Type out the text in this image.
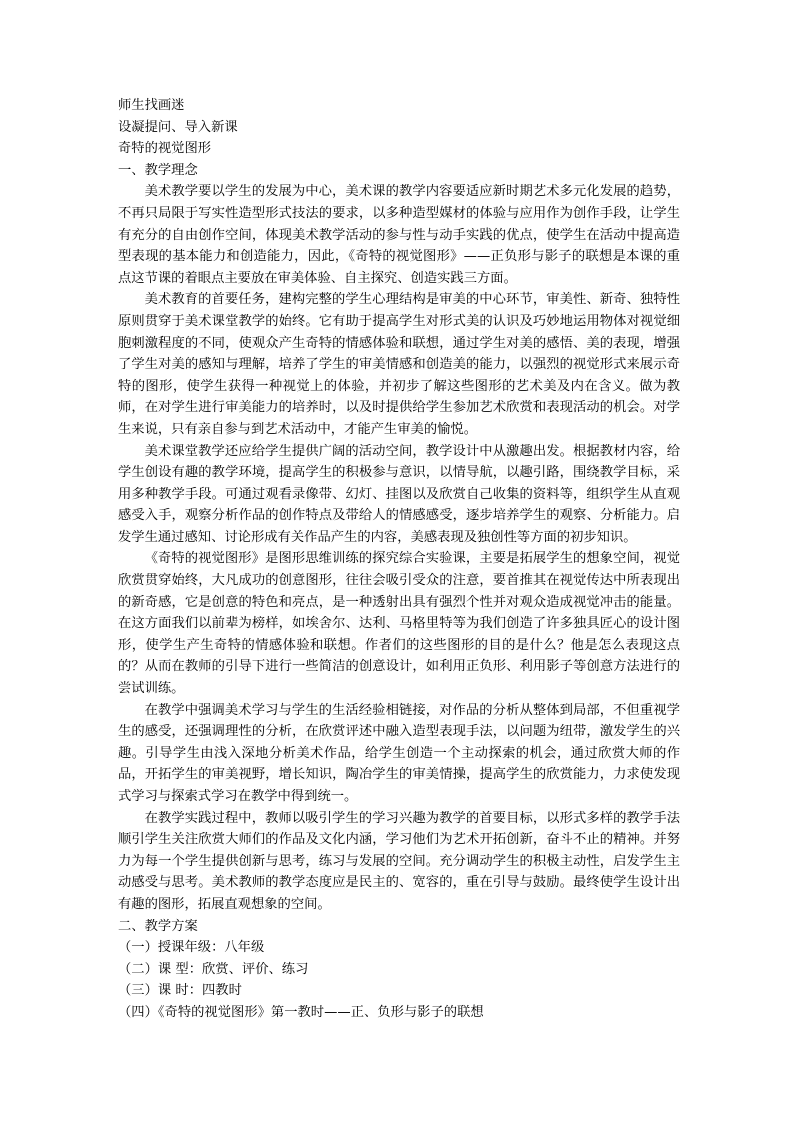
师生找画迷

设凝提问、导入新课

奇特的视觉图形

一、教学理念

美术教学要以学生的发展为中心，美术课的教学内容要适应新时期艺术多元化发展的趋势，不再只局限于写实性造型形式技法的要求，以多种造型媒材的体验与应用作为创作手段，让学生有充分的自由创作空间，体现美术教学活动的参与性与动手实践的优点，使学生在活动中提高造型表现的基本能力和创造能力，因此，《奇特的视觉图形》——正负形与影子的联想是本课的重点这节课的着眼点主要放在审美体验、自主探究、创造实践三方面。

美术教育的首要任务，建构完整的学生心理结构是审美的中心环节，审美性、新奇、独特性原则贯穿于美术课堂教学的始终。它有助于提高学生对形式美的认识及巧妙地运用物体对视觉细胞刺激程度的不同，使观众产生奇特的情感体验和联想，通过学生对美的感悟、美的表现，增强了学生对美的感知与理解，培养了学生的审美情感和创造美的能力，以强烈的视觉形式来展示奇特的图形，使学生获得一种视觉上的体验，并初步了解这些图形的艺术美及内在含义。做为教师，在对学生进行审美能力的培养时，以及时提供给学生参加艺术欣赏和表现活动的机会。对学生来说，只有亲自参与到艺术活动中，才能产生审美的愉悦。

美术课堂教学还应给学生提供广阔的活动空间，教学设计中从激趣出发。根据教材内容，给学生创设有趣的教学环境，提高学生的积极参与意识，以情导航，以趣引路，围绕教学目标，采用多种教学手段。可通过观看录像带、幻灯、挂图以及欣赏自己收集的资料等，组织学生从直观感受入手，观察分析作品的创作特点及带给人的情感感受，逐步培养学生的观察、分析能力。启发学生通过感知、讨论形成有关作品产生的内容，美感表现及独创性等方面的初步知识。

《奇特的视觉图形》是图形思维训练的探究综合实验课，主要是拓展学生的想象空间，视觉欣赏贯穿始终，大凡成功的创意图形，往往会吸引受众的注意，要首推其在视觉传达中所表现出的新奇感，它是创意的特色和亮点，是一种透射出具有强烈个性并对观众造成视觉冲击的能量。在这方面我们以前辈为榜样，如埃舍尔、达利、马格里特等为我们创造了许多独具匠心的设计图形，使学生产生奇特的情感体验和联想。作者们的这些图形的目的是什么？他是怎么表现这点的？从而在教师的引导下进行一些简洁的创意设计，如利用正负形、利用影子等创意方法进行的尝试训练。

在教学中强调美术学习与学生的生活经验相链接，对作品的分析从整体到局部，不但重视学生的感受，还强调理性的分析，在欣赏评述中融入造型表现手法，以问题为纽带，激发学生的兴趣。引导学生由浅入深地分析美术作品，给学生创造一个主动探索的机会，通过欣赏大师的作品，开拓学生的审美视野，增长知识，陶冶学生的审美情操，提高学生的欣赏能力，力求使发现式学习与探索式学习在教学中得到统一。

在教学实践过程中，教师以吸引学生的学习兴趣为教学的首要目标，以形式多样的教学手法顺引学生关注欣赏大师们的作品及文化内涵，学习他们为艺术开拓创新，奋斗不止的精神。并努力为每一个学生提供创新与思考，练习与发展的空间。充分调动学生的积极主动性，启发学生主动感受与思考。美术教师的教学态度应是民主的、宽容的，重在引导与鼓励。最终使学生设计出有趣的图形，拓展直观想象的空间。

二、教学方案

（一）授课年级：八年级

（二）课 型：欣赏、评价、练习

（三）课 时：四教时

（四）《奇特的视觉图形》第一教时——正、负形与影子的联想
